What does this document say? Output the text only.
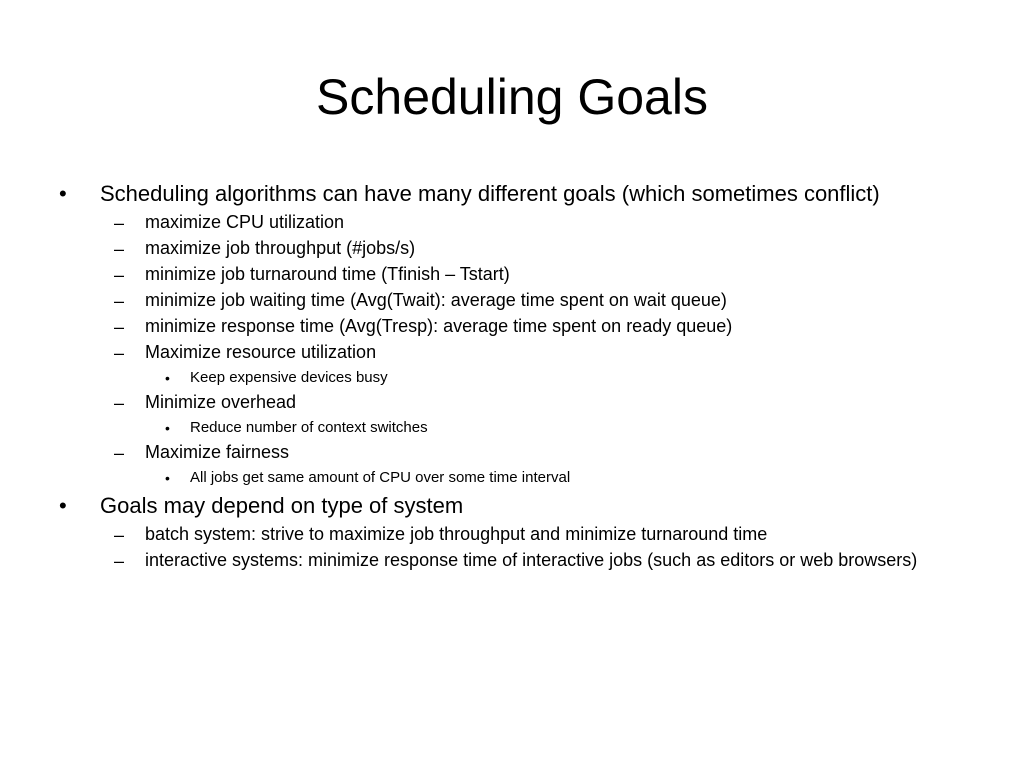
Scheduling Goals
• Scheduling algorithms can have many different goals (which sometimes conflict)
– maximize CPU utilization
– maximize job throughput (#jobs/s)
– minimize job turnaround time (Tfinish – Tstart)
– minimize job waiting time (Avg(Twait): average time spent on wait queue)
– minimize response time (Avg(Tresp): average time spent on ready queue)
– Maximize resource utilization
• Keep expensive devices busy
– Minimize overhead
• Reduce number of context switches
– Maximize fairness
• All jobs get same amount of CPU over some time interval
• Goals may depend on type of system
– batch system: strive to maximize job throughput and minimize turnaround time
– interactive systems: minimize response time of interactive jobs (such as editors or web browsers)
